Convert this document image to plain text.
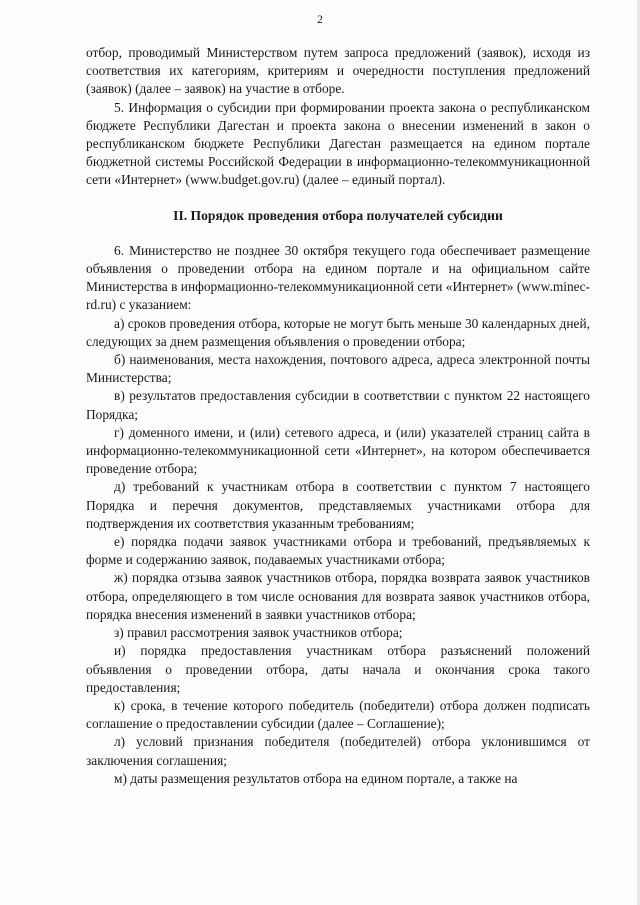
2

отбор, проводимый Министерством путем запроса предложений (заявок), исходя из соответствия их категориям, критериям и очередности поступления предложений (заявок) (далее – заявок) на участие в отборе.

5. Информация о субсидии при формировании проекта закона о республиканском бюджете Республики Дагестан и проекта закона о внесении изменений в закон о республиканском бюджете Республики Дагестан размещается на едином портале бюджетной системы Российской Федерации в информационно-телекоммуникационной сети «Интернет» (www.budget.gov.ru) (далее – единый портал).

II. Порядок проведения отбора получателей субсидии

6. Министерство не позднее 30 октября текущего года обеспечивает размещение объявления о проведении отбора на едином портале и на официальном сайте Министерства в информационно-телекоммуникационной сети «Интернет» (www.minec-rd.ru) с указанием:

а) сроков проведения отбора, которые не могут быть меньше 30 календарных дней, следующих за днем размещения объявления о проведении отбора;

б) наименования, места нахождения, почтового адреса, адреса электронной почты Министерства;

в) результатов предоставления субсидии в соответствии с пунктом 22 настоящего Порядка;

г) доменного имени, и (или) сетевого адреса, и (или) указателей страниц сайта в информационно-телекоммуникационной сети «Интернет», на котором обеспечивается проведение отбора;

д) требований к участникам отбора в соответствии с пунктом 7 настоящего Порядка и перечня документов, представляемых участниками отбора для подтверждения их соответствия указанным требованиям;

е) порядка подачи заявок участниками отбора и требований, предъявляемых к форме и содержанию заявок, подаваемых участниками отбора;

ж) порядка отзыва заявок участников отбора, порядка возврата заявок участников отбора, определяющего в том числе основания для возврата заявок участников отбора, порядка внесения изменений в заявки участников отбора;

з) правил рассмотрения заявок участников отбора;

и) порядка предоставления участникам отбора разъяснений положений объявления о проведении отбора, даты начала и окончания срока такого предоставления;

к) срока, в течение которого победитель (победители) отбора должен подписать соглашение о предоставлении субсидии (далее – Соглашение);

л) условий признания победителя (победителей) отбора уклонившимся от заключения соглашения;

м) даты размещения результатов отбора на едином портале, а также на
